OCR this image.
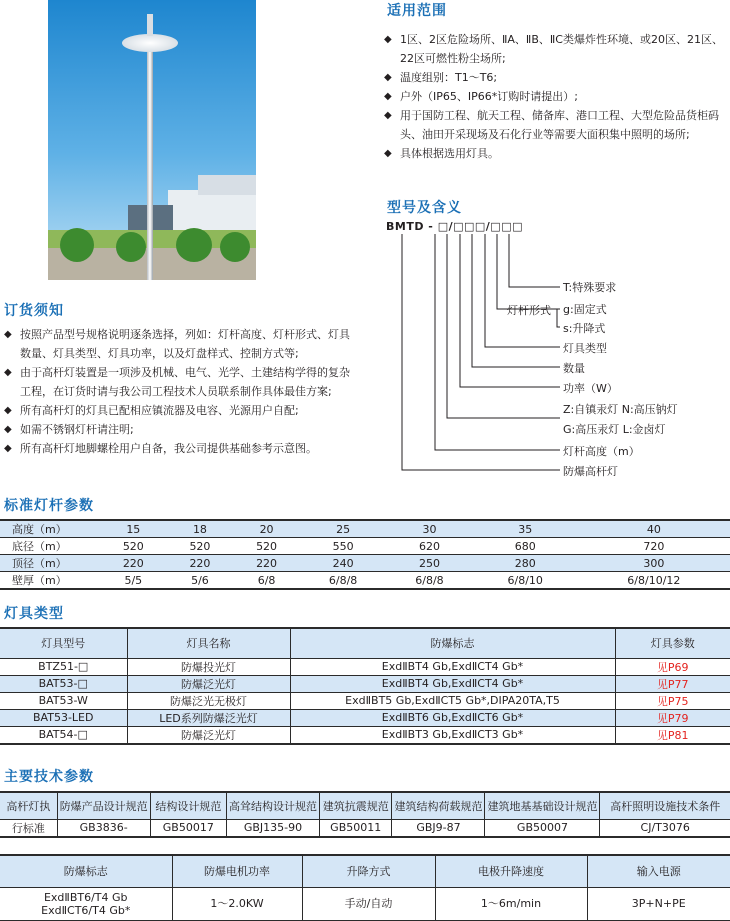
适用范围
◆ 1区、2区危险场所、ⅡA、ⅡB、ⅡC类爆炸性环境、或20区、21区、22区可燃性粉尘场所;
◆ 温度组别：T1～T6;
◆ 户外（IP65、IP66*订购时请提出）;
◆ 用于国防工程、航天工程、储备库、港口工程、大型危险品货柜码头、油田开采现场及石化行业等需要大面积集中照明的场所;
◆ 具体根据选用灯具。
型号及含义
BMTD - □/□□□/□□□
T:特殊要求
灯杆形式 g:固定式
s:升降式
灯具类型
数量
功率（W）
Z:自镇汞灯 N:高压钠灯
G:高压汞灯 L:金卤灯
灯杆高度（m）
防爆高杆灯
订货须知
◆ 按照产品型号规格说明逐条选择，列如：灯杆高度、灯杆形式、灯具数量、灯具类型、灯具功率，以及灯盘样式、控制方式等;
◆ 由于高杆灯装置是一项涉及机械、电气、光学、土建结构学得的复杂工程，在订货时请与我公司工程技术人员联系制作具体最佳方案;
◆ 所有高杆灯的灯具已配相应镇流器及电容、光源用户自配;
◆ 如需不锈钢灯杆请注明;
◆ 所有高杆灯地脚螺栓用户自备，我公司提供基础参考示意图。
标准灯杆参数
高度（m）	15	18	20	25	30	35	40
底径（m）	520	520	520	550	620	680	720
顶径（m）	220	220	220	240	250	280	300
壁厚（m）	5/5	5/6	6/8	6/8/8	6/8/8	6/8/10	6/8/10/12
灯具类型
灯具型号	灯具名称	防爆标志	灯具参数
BTZ51-□	防爆投光灯	ExdⅡBT4 Gb,ExdⅡCT4 Gb*	见P69
BAT53-□	防爆泛光灯	ExdⅡBT4 Gb,ExdⅡCT4 Gb*	见P77
BAT53-W	防爆泛光无极灯	ExdⅡBT5 Gb,ExdⅡCT5 Gb*,DIPA20TA,T5	见P75
BAT53-LED	LED系列防爆泛光灯	ExdⅡBT6 Gb,ExdⅡCT6 Gb*	见P79
BAT54-□	防爆泛光灯	ExdⅡBT3 Gb,ExdⅡCT3 Gb*	见P81
主要技术参数
高杆灯执	防爆产品设计规范	结构设计规范	高耸结构设计规范	建筑抗震规范	建筑结构荷载规范	建筑地基基础设计规范	高杆照明设施技术条件
行标准	GB3836-	GB50017	GBJ135-90	GB50011	GBJ9-87	GB50007	CJ/T3076
防爆标志	防爆电机功率	升降方式	电极升降速度	输入电源

ExdⅡBT6/T4 Gb
ExdⅡCT6/T4 Gb*	1～2.0KW	手动/自动	1～6m/min	3P+N+PE
